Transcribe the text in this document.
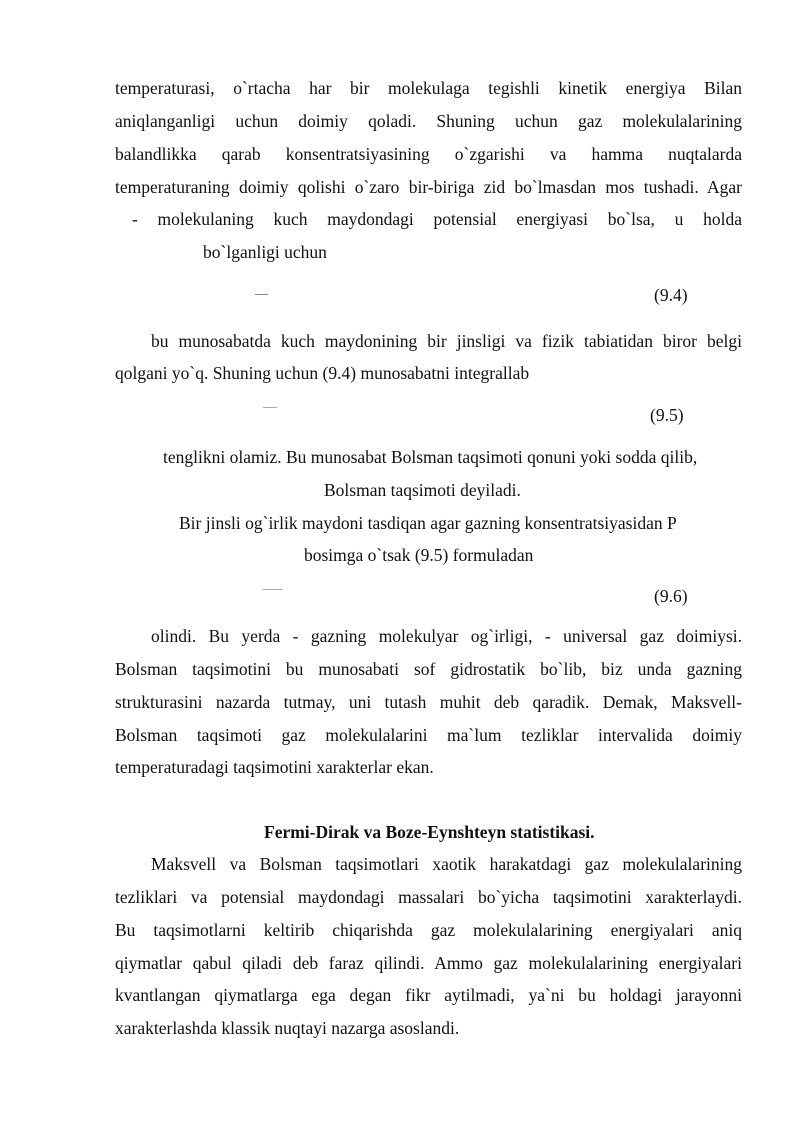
temperaturasi, o`rtacha har bir molekulaga tegishli kinetik energiya Bilan
aniqlanganligi uchun doimiy qoladi. Shuning uchun gaz molekulalarining
balandlikka qarab konsentratsiyasining o`zgarishi va hamma nuqtalarda
temperaturaning doimiy qolishi o`zaro bir-biriga zid bo`lmasdan mos tushadi. Agar
- molekulaning kuch maydondagi potensial energiyasi bo`lsa, u holda
bo`lganligi uchun
(9.4)
bu munosabatda kuch maydonining bir jinsligi va fizik tabiatidan biror belgi
qolgani yo`q. Shuning uchun (9.4) munosabatni integrallab
(9.5)
tenglikni olamiz. Bu munosabat Bolsman taqsimoti qonuni yoki sodda qilib,
Bolsman taqsimoti deyiladi.
Bir jinsli og`irlik maydoni tasdiqan agar gazning konsentratsiyasidan P
bosimga o`tsak (9.5) formuladan
(9.6)
olindi. Bu yerda - gazning molekulyar og`irligi, - universal gaz doimiysi.
Bolsman taqsimotini bu munosabati sof gidrostatik bo`lib, biz unda gazning
strukturasini nazarda tutmay, uni tutash muhit deb qaradik. Demak, Maksvell-
Bolsman taqsimoti gaz molekulalarini ma`lum tezliklar intervalida doimiy
temperaturadagi taqsimotini xarakterlar ekan.
Fermi-Dirak va Boze-Eynshteyn statistikasi.
Maksvell va Bolsman taqsimotlari xaotik harakatdagi gaz molekulalarining
tezliklari va potensial maydondagi massalari bo`yicha taqsimotini xarakterlaydi.
Bu taqsimotlarni keltirib chiqarishda gaz molekulalarining energiyalari aniq
qiymatlar qabul qiladi deb faraz qilindi. Ammo gaz molekulalarining energiyalari
kvantlangan qiymatlarga ega degan fikr aytilmadi, ya`ni bu holdagi jarayonni
xarakterlashda klassik nuqtayi nazarga asoslandi.
